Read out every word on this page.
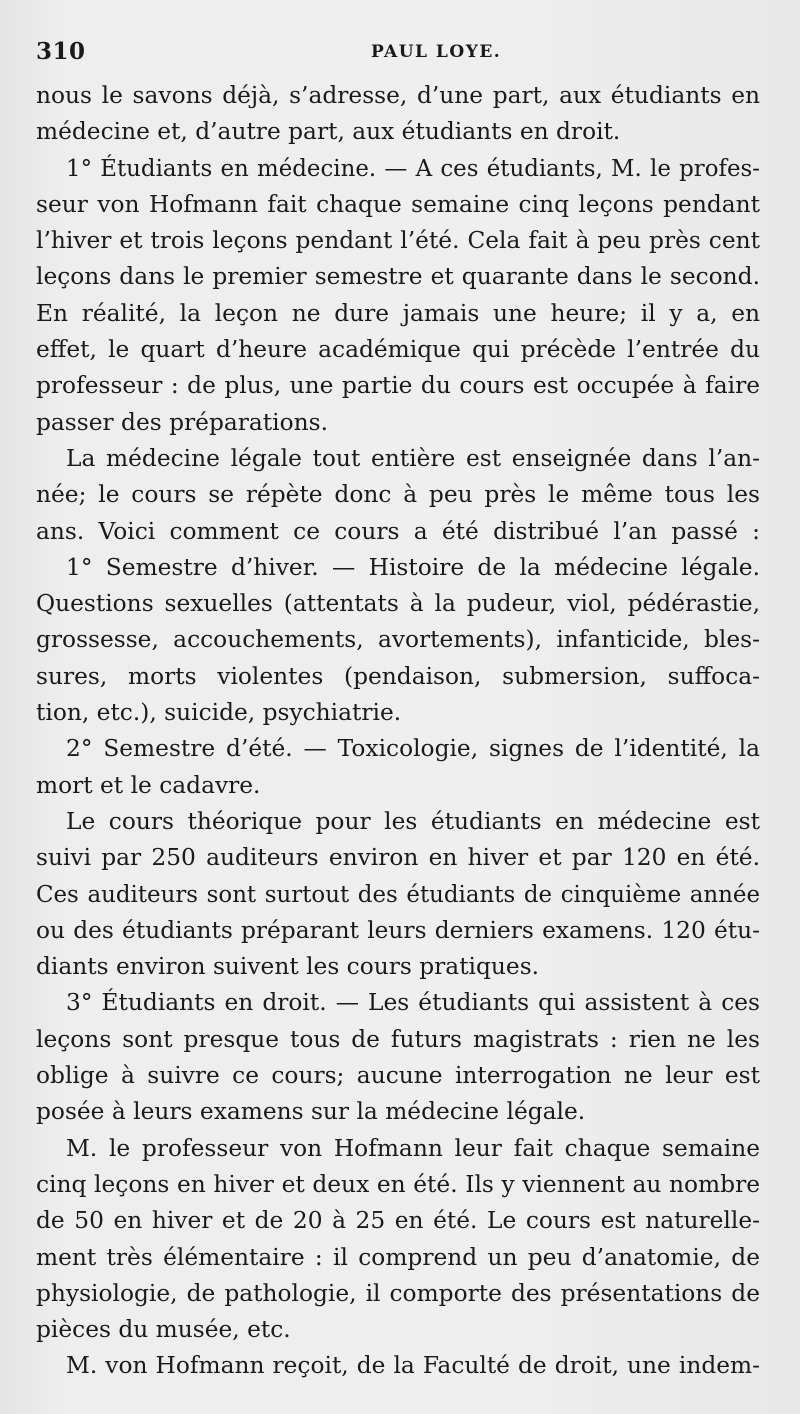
310	PAUL LOYE.
nous le savons déjà, s’adresse, d’une part, aux étudiants en
médecine et, d’autre part, aux étudiants en droit.
1° Étudiants en médecine. — A ces étudiants, M. le profes-
seur von Hofmann fait chaque semaine cinq leçons pendant
l’hiver et trois leçons pendant l’été. Cela fait à peu près cent
leçons dans le premier semestre et quarante dans le second.
En réalité, la leçon ne dure jamais une heure; il y a, en
effet, le quart d’heure académique qui précède l’entrée du
professeur : de plus, une partie du cours est occupée à faire
passer des préparations.
La médecine légale tout entière est enseignée dans l’an-
née; le cours se répète donc à peu près le même tous les
ans. Voici comment ce cours a été distribué l’an passé :
1° Semestre d’hiver. — Histoire de la médecine légale.
Questions sexuelles (attentats à la pudeur, viol, pédérastie,
grossesse, accouchements, avortements), infanticide, bles-
sures, morts violentes (pendaison, submersion, suffoca-
tion, etc.), suicide, psychiatrie.
2° Semestre d’été. — Toxicologie, signes de l’identité, la
mort et le cadavre.
Le cours théorique pour les étudiants en médecine est
suivi par 250 auditeurs environ en hiver et par 120 en été.
Ces auditeurs sont surtout des étudiants de cinquième année
ou des étudiants préparant leurs derniers examens. 120 étu-
diants environ suivent les cours pratiques.
3° Étudiants en droit. — Les étudiants qui assistent à ces
leçons sont presque tous de futurs magistrats : rien ne les
oblige à suivre ce cours; aucune interrogation ne leur est
posée à leurs examens sur la médecine légale.
M. le professeur von Hofmann leur fait chaque semaine
cinq leçons en hiver et deux en été. Ils y viennent au nombre
de 50 en hiver et de 20 à 25 en été. Le cours est naturelle-
ment très élémentaire : il comprend un peu d’anatomie, de
physiologie, de pathologie, il comporte des présentations de
pièces du musée, etc.
M. von Hofmann reçoit, de la Faculté de droit, une indem-
